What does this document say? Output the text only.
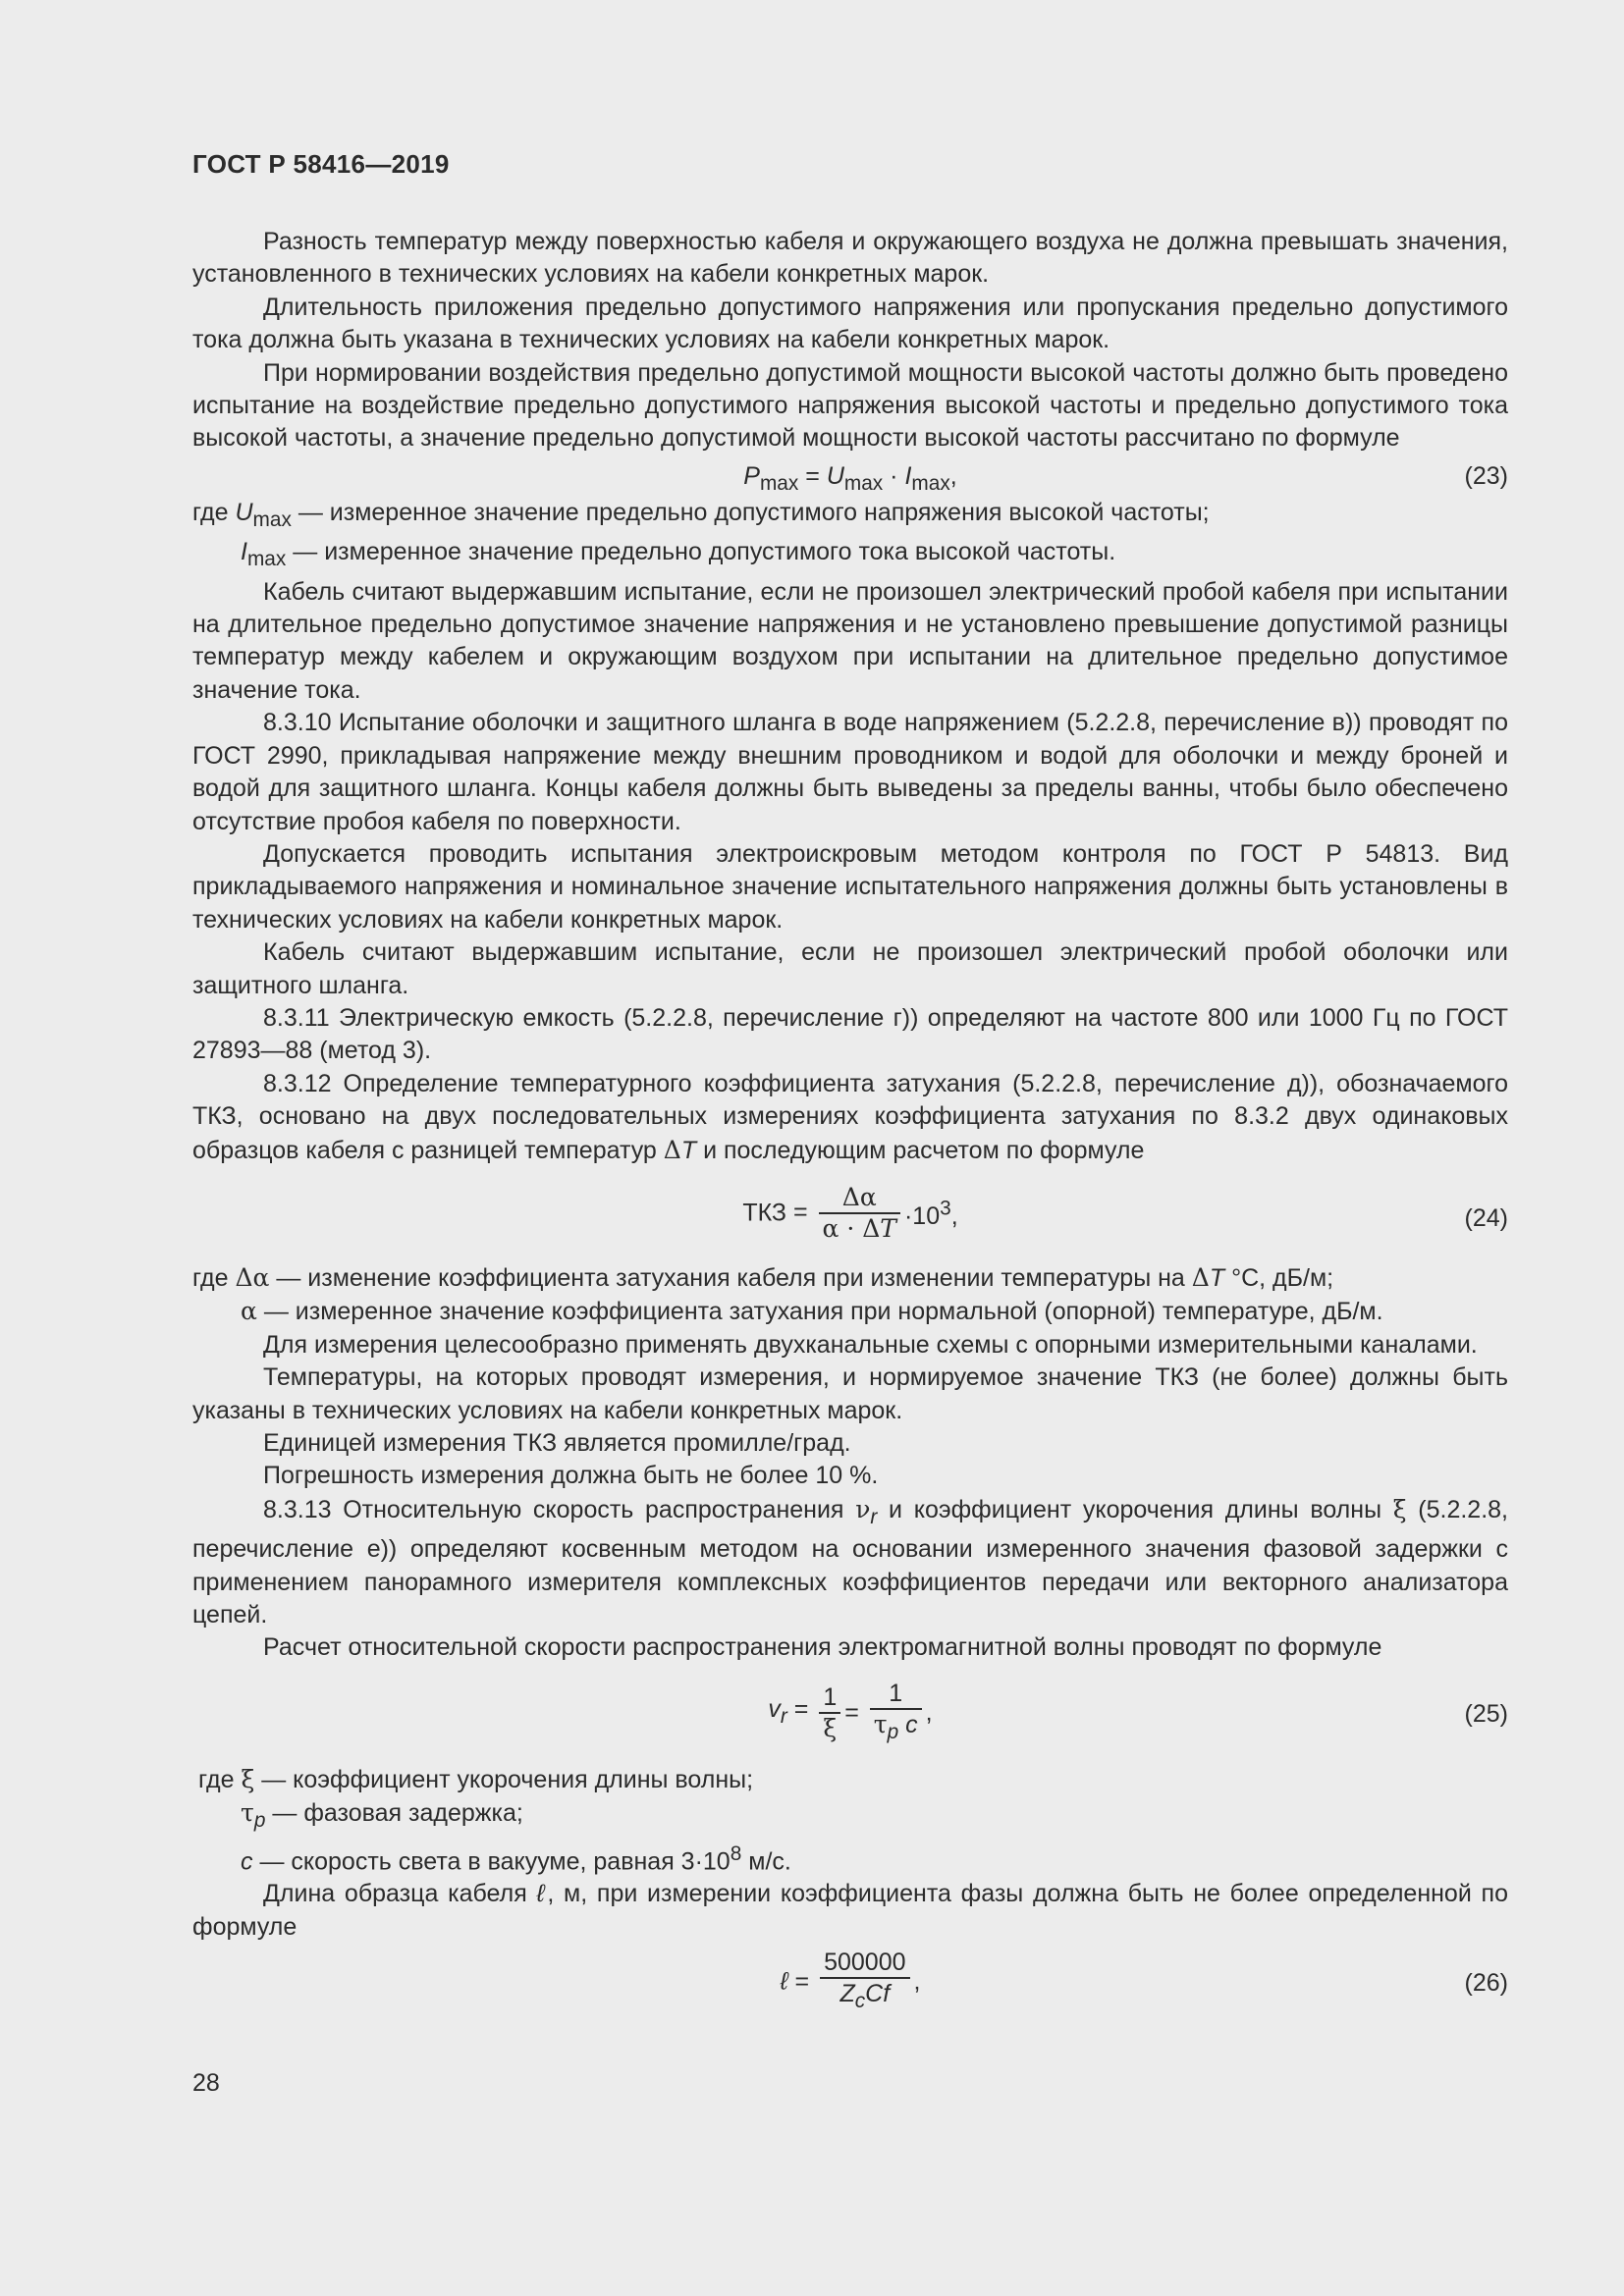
ГОСТ Р 58416—2019

Разность температур между поверхностью кабеля и окружающего воздуха не должна превышать значения, установленного в технических условиях на кабели конкретных марок.

Длительность приложения предельно допустимого напряжения или пропускания предельно допустимого тока должна быть указана в технических условиях на кабели конкретных марок.

При нормировании воздействия предельно допустимой мощности высокой частоты должно быть проведено испытание на воздействие предельно допустимого напряжения высокой частоты и предельно допустимого тока высокой частоты, а значение предельно допустимой мощности высокой частоты рассчитано по формуле

$P_{max} = U_{max} \cdot I_{max}$,	(23)

где $U_{max}$ — измеренное значение предельно допустимого напряжения высокой частоты;

$I_{max}$ — измеренное значение предельно допустимого тока высокой частоты.

Кабель считают выдержавшим испытание, если не произошел электрический пробой кабеля при испытании на длительное предельно допустимое значение напряжения и не установлено превышение допустимой разницы температур между кабелем и окружающим воздухом при испытании на длительное предельно допустимое значение тока.

8.3.10 Испытание оболочки и защитного шланга в воде напряжением (5.2.2.8, перечисление в)) проводят по ГОСТ 2990, прикладывая напряжение между внешним проводником и водой для оболочки и между броней и водой для защитного шланга. Концы кабеля должны быть выведены за пределы ванны, чтобы было обеспечено отсутствие пробоя кабеля по поверхности.

Допускается проводить испытания электроискровым методом контроля по ГОСТ Р 54813. Вид прикладываемого напряжения и номинальное значение испытательного напряжения должны быть установлены в технических условиях на кабели конкретных марок.

Кабель считают выдержавшим испытание, если не произошел электрический пробой оболочки или защитного шланга.

8.3.11 Электрическую емкость (5.2.2.8, перечисление г)) определяют на частоте 800 или 1000 Гц по ГОСТ 27893—88 (метод 3).

8.3.12 Определение температурного коэффициента затухания (5.2.2.8, перечисление д)), обозначаемого ТКЗ, основано на двух последовательных измерениях коэффициента затухания по 8.3.2 двух одинаковых образцов кабеля с разницей температур ΔT и последующим расчетом по формуле

ТКЗ = $\frac{\Delta\alpha}{\alpha \cdot \Delta T} \cdot 10^3$,	(24)

где Δα — изменение коэффициента затухания кабеля при изменении температуры на ΔT °С, дБ/м;

α — измеренное значение коэффициента затухания при нормальной (опорной) температуре, дБ/м.

Для измерения целесообразно применять двухканальные схемы с опорными измерительными каналами.

Температуры, на которых проводят измерения, и нормируемое значение ТКЗ (не более) должны быть указаны в технических условиях на кабели конкретных марок.

Единицей измерения ТКЗ является промилле/град.

Погрешность измерения должна быть не более 10 %.

8.3.13 Относительную скорость распространения $\nu_r$ и коэффициент укорочения длины волны ξ (5.2.2.8, перечисление е)) определяют косвенным методом на основании измеренного значения фазовой задержки с применением панорамного измерителя комплексных коэффициентов передачи или векторного анализатора цепей.

Расчет относительной скорости распространения электромагнитной волны проводят по формуле

$v_r = \frac{1}{\xi} = \frac{1}{\tau_p c}$ ,	(25)

где ξ — коэффициент укорочения длины волны;

$\tau_p$ — фазовая задержка;

c — скорость света в вакууме, равная $3\cdot 10^8$ м/с.

Длина образца кабеля ℓ, м, при измерении коэффициента фазы должна быть не более определенной по формуле

ℓ = $\frac{500000}{Z_cCf}$ ,	(26)
28
